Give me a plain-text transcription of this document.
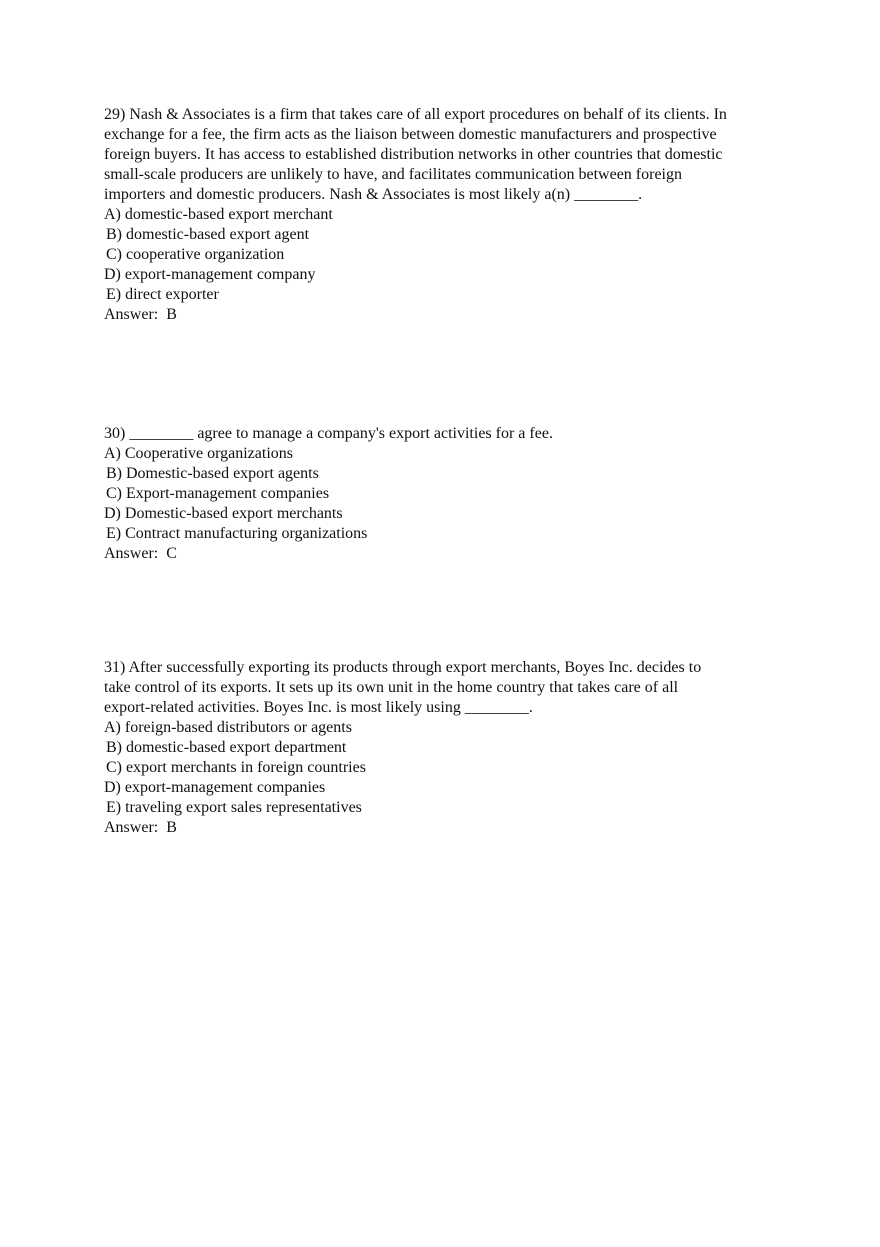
29) Nash & Associates is a firm that takes care of all export procedures on behalf of its clients. In

exchange for a fee, the firm acts as the liaison between domestic manufacturers and prospective

foreign buyers. It has access to established distribution networks in other countries that domestic

small-scale producers are unlikely to have, and facilitates communication between foreign

importers and domestic producers. Nash & Associates is most likely a(n) ________.

A) domestic-based export merchant

B) domestic-based export agent

C) cooperative organization

D) export-management company

E) direct exporter

Answer:  B

30) ________ agree to manage a company's export activities for a fee.

A) Cooperative organizations

B) Domestic-based export agents

C) Export-management companies

D) Domestic-based export merchants

E) Contract manufacturing organizations

Answer:  C

31) After successfully exporting its products through export merchants, Boyes Inc. decides to

take control of its exports. It sets up its own unit in the home country that takes care of all

export-related activities. Boyes Inc. is most likely using ________.

A) foreign-based distributors or agents

B) domestic-based export department

C) export merchants in foreign countries

D) export-management companies

E) traveling export sales representatives

Answer:  B
